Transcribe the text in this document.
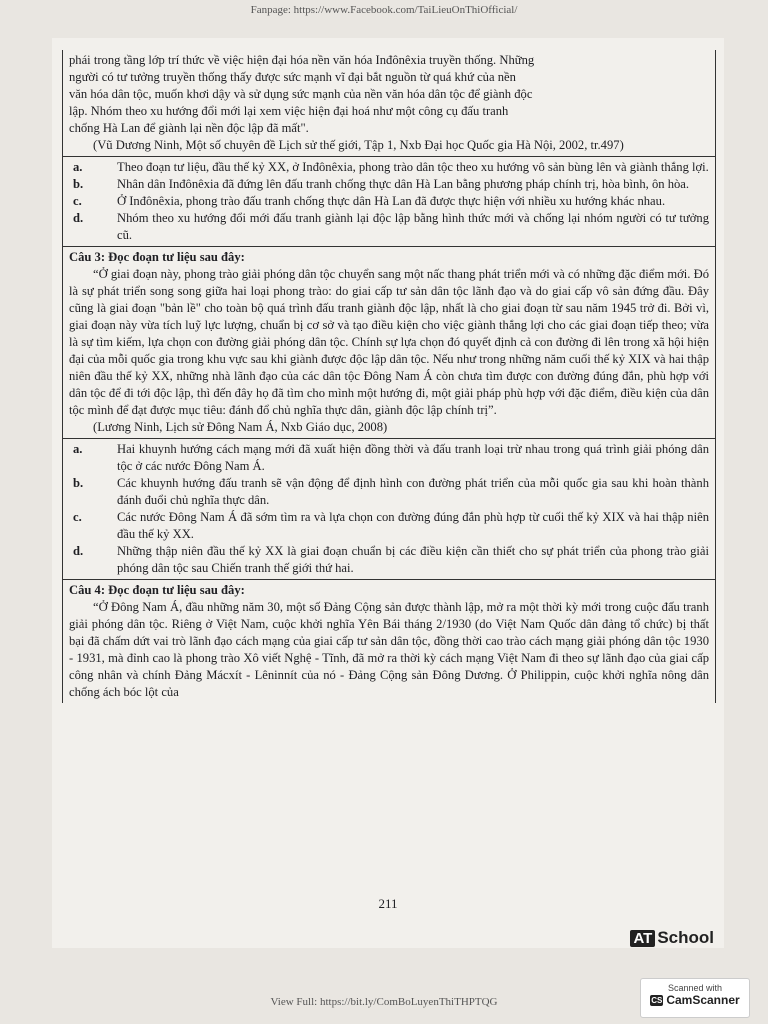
Fanpage: https://www.Facebook.com/TaiLieuOnThiOfficial/

phái trong tầng lớp trí thức về việc hiện đại hóa nền văn hóa Inđônêxia truyền thống. Những

người có tư tưởng truyền thống thấy được sức mạnh vĩ đại bắt nguồn từ quá khứ của nền

văn hóa dân tộc, muốn khơi dậy và sử dụng sức mạnh của nền văn hóa dân tộc để giành độc

lập. Nhóm theo xu hướng đổi mới lại xem việc hiện đại hoá như một công cụ đấu tranh

chống Hà Lan để giành lại nền độc lập đã mất".

(Vũ Dương Ninh, Một số chuyên đề Lịch sử thế giới, Tập 1, Nxb Đại học Quốc gia Hà Nội, 2002, tr.497)

a.	Theo đoạn tư liệu, đầu thế kỷ XX, ở Inđônêxia, phong trào dân tộc theo xu hướng vô sản bùng lên và giành thắng lợi.
b.	Nhân dân Inđônêxia đã đứng lên đấu tranh chống thực dân Hà Lan bằng phương pháp chính trị, hòa bình, ôn hòa.
c.	Ở Inđônêxia, phong trào đấu tranh chống thực dân Hà Lan đã được thực hiện với nhiều xu hướng khác nhau.
d.	Nhóm theo xu hướng đổi mới đấu tranh giành lại độc lập bằng hình thức mới và chống lại nhóm người có tư tưởng cũ.

Câu 3: Đọc đoạn tư liệu sau đây:

“Ở giai đoạn này, phong trào giải phóng dân tộc chuyển sang một nấc thang phát triển mới và có những đặc điểm mới. Đó là sự phát triển song song giữa hai loại phong trào: do giai cấp tư sản dân tộc lãnh đạo và do giai cấp vô sản đứng đầu. Đây cũng là giai đoạn "bản lề" cho toàn bộ quá trình đấu tranh giành độc lập, nhất là cho giai đoạn từ sau năm 1945 trở đi. Bởi vì, giai đoạn này vừa tích luỹ lực lượng, chuẩn bị cơ sở và tạo điều kiện cho việc giành thắng lợi cho các giai đoạn tiếp theo; vừa là sự tìm kiếm, lựa chọn con đường giải phóng dân tộc. Chính sự lựa chọn đó quyết định cả con đường đi lên trong xã hội hiện đại của mỗi quốc gia trong khu vực sau khi giành được độc lập dân tộc. Nếu như trong những năm cuối thế kỷ XIX và hai thập niên đầu thế kỷ XX, những nhà lãnh đạo của các dân tộc Đông Nam Á còn chưa tìm được con đường đúng đắn, phù hợp với dân tộc để đi tới độc lập, thì đến đây họ đã tìm cho mình một hướng đi, một giải pháp phù hợp với đặc điểm, điều kiện của dân tộc mình để đạt được mục tiêu: đánh đổ chủ nghĩa thực dân, giành độc lập chính trị”.

(Lương Ninh, Lịch sử Đông Nam Á, Nxb Giáo dục, 2008)

a.	Hai khuynh hướng cách mạng mới đã xuất hiện đồng thời và đấu tranh loại trừ nhau trong quá trình giải phóng dân tộc ở các nước Đông Nam Á.
b.	Các khuynh hướng đấu tranh sẽ vận động để định hình con đường phát triển của mỗi quốc gia sau khi hoàn thành đánh đuổi chủ nghĩa thực dân.
c.	Các nước Đông Nam Á đã sớm tìm ra và lựa chọn con đường đúng đắn phù hợp từ cuối thế kỷ XIX và hai thập niên đầu thế kỷ XX.
d.	Những thập niên đầu thế kỷ XX là giai đoạn chuẩn bị các điều kiện cần thiết cho sự phát triển của phong trào giải phóng dân tộc sau Chiến tranh thế giới thứ hai.

Câu 4: Đọc đoạn tư liệu sau đây:

“Ở Đông Nam Á, đầu những năm 30, một số Đảng Cộng sản được thành lập, mở ra một thời kỳ mới trong cuộc đấu tranh giải phóng dân tộc. Riêng ở Việt Nam, cuộc khởi nghĩa Yên Bái tháng 2/1930 (do Việt Nam Quốc dân đảng tổ chức) bị thất bại đã chấm dứt vai trò lãnh đạo cách mạng của giai cấp tư sản dân tộc, đồng thời cao trào cách mạng giải phóng dân tộc 1930 - 1931, mà đỉnh cao là phong trào Xô viết Nghệ - Tĩnh, đã mở ra thời kỳ cách mạng Việt Nam đi theo sự lãnh đạo của giai cấp công nhân và chính Đảng Mácxít - Lêninnít của nó - Đảng Cộng sản Đông Dương. Ở Philippin, cuộc khởi nghĩa nông dân chống ách bóc lột của

211
AT School
View Full: https://bit.ly/ComBoLuyenThiTHPTQG
Scanned with
CS CamScanner
